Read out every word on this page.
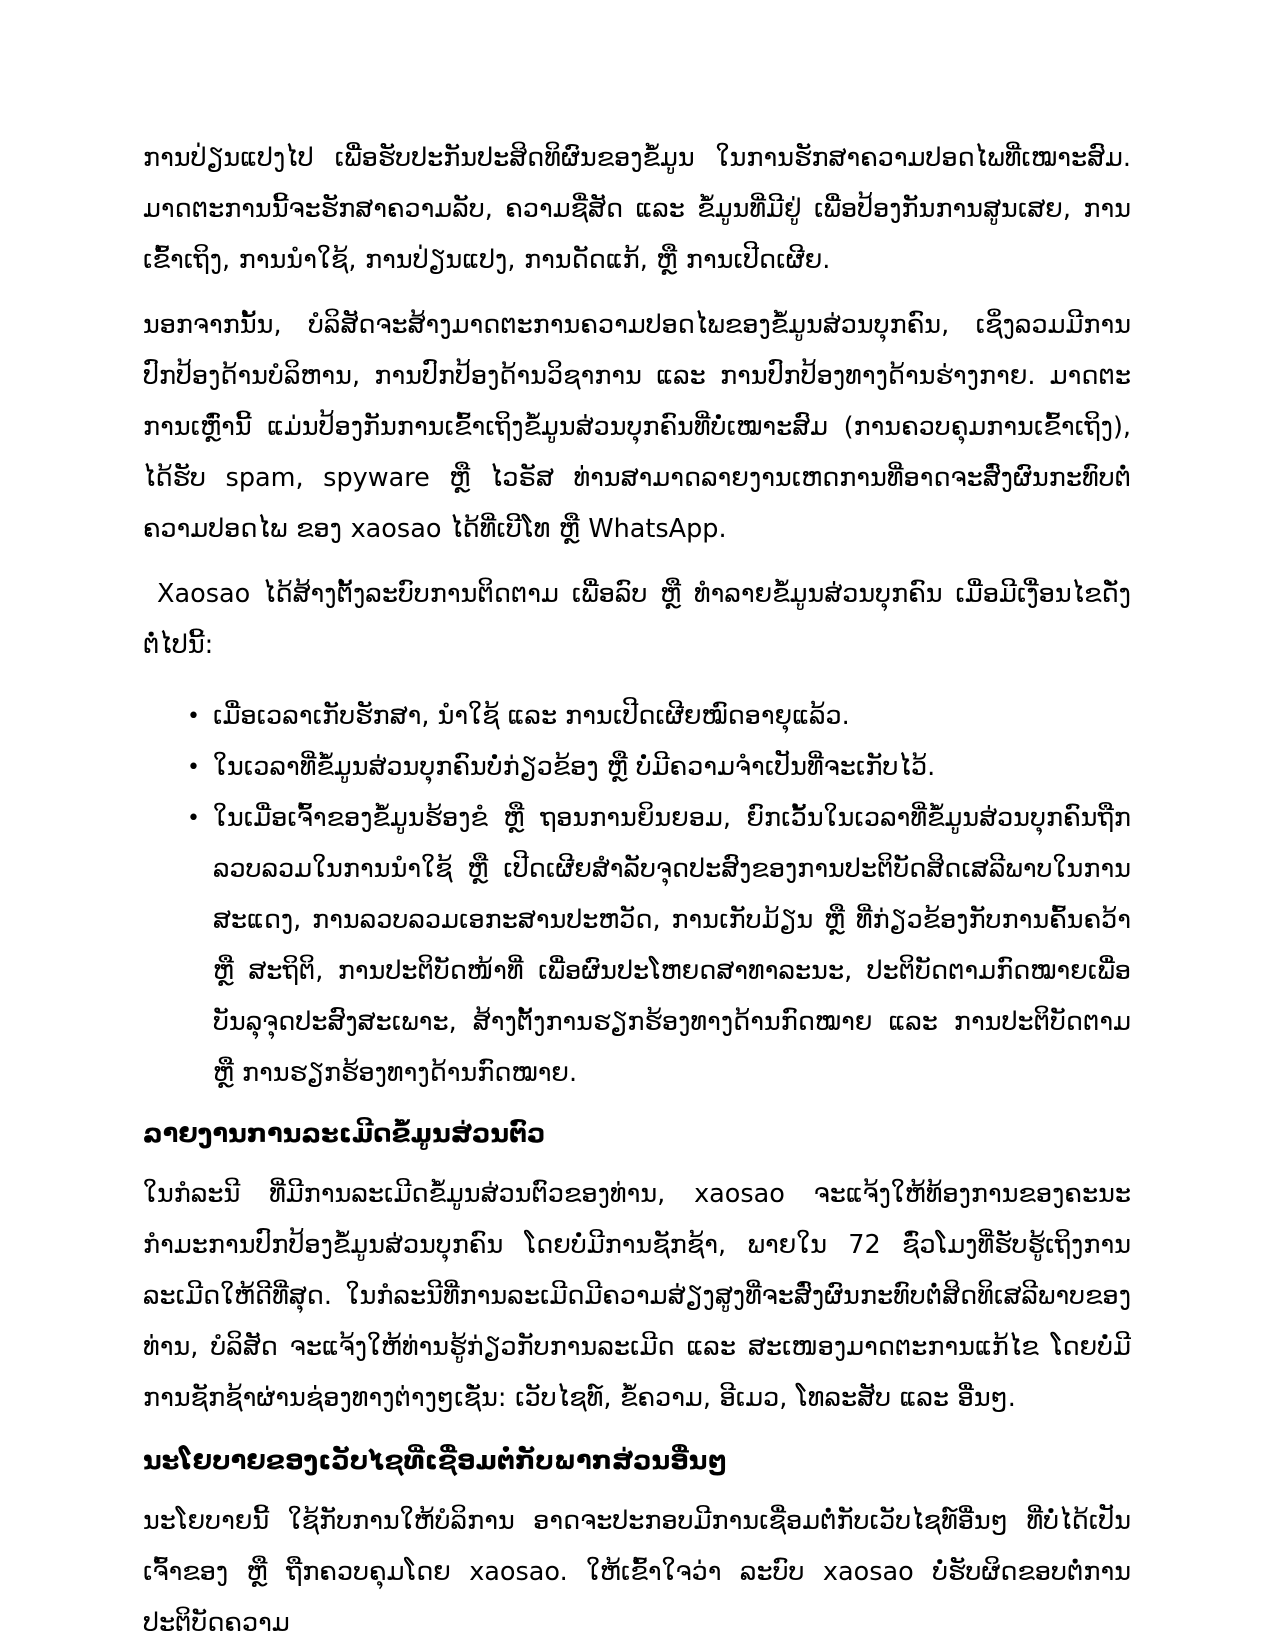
ການປ່ຽນແປງໄປ ເພື່ອຮັບປະກັນປະສິດທິຜົນຂອງຂໍ້ມູນ ໃນການຮັກສາຄວາມປອດໄພທີ່ເໝາະສົມ. ມາດຕະການນີ້ຈະຮັກສາຄວາມລັບ, ຄວາມຊື່ສັດ ແລະ ຂໍ້ມູນທີ່ມີຢູ່ ເພື່ອປ້ອງກັນການສູນເສຍ, ການເຂົ້າເຖິງ, ການນຳໃຊ້, ການປ່ຽນແປງ, ການດັດແກ້, ຫຼື ການເປີດເຜີຍ.

ນອກຈາກນັ້ນ, ບໍລິສັດຈະສ້າງມາດຕະການຄວາມປອດໄພຂອງຂໍ້ມູນສ່ວນບຸກຄົນ, ເຊິ່ງລວມມີການປົກປ້ອງດ້ານບໍລິຫານ, ການປົກປ້ອງດ້ານວິຊາການ ແລະ ການປົກປ້ອງທາງດ້ານຮ່າງກາຍ. ມາດຕະການເຫຼົ່ານີ້ ແມ່ນປ້ອງກັນການເຂົ້າເຖິງຂໍ້ມູນສ່ວນບຸກຄົນທີ່ບໍ່ເໝາະສົມ (ການຄວບຄຸມການເຂົ້າເຖິງ), ໄດ້ຮັບ spam, spyware ຫຼື ໄວຣັສ ທ່ານສາມາດລາຍງານເຫດການທີ່ອາດຈະສົ່ງຜົນກະທົບຕໍ່ຄວາມປອດໄພ ຂອງ xaosao ໄດ້ທີ່ເບີໂທ ຫຼື WhatsApp.

Xaosao ໄດ້ສ້າງຕັ້ງລະບົບການຕິດຕາມ ເພື່ອລົບ ຫຼື ທຳລາຍຂໍ້ມູນສ່ວນບຸກຄົນ ເມື່ອມີເງື່ອນໄຂດັ່ງຕໍ່ໄປນີ້:

• ເມື່ອເວລາເກັບຮັກສາ, ນຳໃຊ້ ແລະ ການເປີດເຜີຍໝົດອາຍຸແລ້ວ.
• ໃນເວລາທີ່ຂໍ້ມູນສ່ວນບຸກຄົນບໍ່ກ່ຽວຂ້ອງ ຫຼື ບໍ່ມີຄວາມຈຳເປັນທີ່ຈະເກັບໄວ້.
• ໃນເມື່ອເຈົ້າຂອງຂໍ້ມູນຮ້ອງຂໍ ຫຼື ຖອນການຍິນຍອມ, ຍົກເວັ້ນໃນເວລາທີ່ຂໍ້ມູນສ່ວນບຸກຄົນຖືກລວບລວມໃນການນຳໃຊ້ ຫຼື ເປີດເຜີຍສຳລັບຈຸດປະສົງຂອງການປະຕິບັດສິດເສລີພາບໃນການສະແດງ, ການລວບລວມເອກະສານປະຫວັດ, ການເກັບມ້ຽນ ຫຼື ທີ່ກ່ຽວຂ້ອງກັບການຄົ້ນຄວ້າ ຫຼື ສະຖິຕິ, ການປະຕິບັດໜ້າທີ່ ເພື່ອຜົນປະໂຫຍດສາທາລະນະ, ປະຕິບັດຕາມກົດໝາຍເພື່ອບັນລຸຈຸດປະສົງສະເພາະ, ສ້າງຕັ້ງການຮຽກຮ້ອງທາງດ້ານກົດໝາຍ ແລະ ການປະຕິບັດຕາມ ຫຼື ການຮຽກຮ້ອງທາງດ້ານກົດໝາຍ.
ລາຍງານການລະເມີດຂໍ້ມູນສ່ວນຕົວ

ໃນກໍລະນີ ທີ່ມີການລະເມີດຂໍ້ມູນສ່ວນຕົວຂອງທ່ານ, xaosao ຈະແຈ້ງໃຫ້ທ້ອງການຂອງຄະນະກຳມະການປົກປ້ອງຂໍ້ມູນສ່ວນບຸກຄົນ ໂດຍບໍ່ມີການຊັກຊ້າ, ພາຍໃນ 72 ຊົ່ວໂມງທີ່ຮັບຮູ້ເຖິງການລະເມີດໃຫ້ດີທີ່ສຸດ. ໃນກໍລະນີທີ່ການລະເມີດມີຄວາມສ່ຽງສູງທີ່ຈະສົ່ງຜົນກະທົບຕໍ່ສິດທິເສລີພາບຂອງທ່ານ, ບໍລິສັດ ຈະແຈ້ງໃຫ້ທ່ານຮູ້ກ່ຽວກັບການລະເມີດ ແລະ ສະເໜອງມາດຕະການແກ້ໄຂ ໂດຍບໍ່ມີການຊັກຊ້າຜ່ານຊ່ອງທາງຕ່າງໆເຊັ່ນ: ເວັບໄຊທ໌, ຂໍ້ຄວາມ, ອີເມວ, ໂທລະສັບ ແລະ ອື່ນໆ.

ນະໂຍບາຍຂອງເວັບໄຊທີ່ເຊື່ອມຕໍ່ກັບພາກສ່ວນອື່ນໆ

ນະໂຍບາຍນີ້ ໃຊ້ກັບການໃຫ້ບໍລິການ ອາດຈະປະກອບມີການເຊື່ອມຕໍ່ກັບເວັບໄຊທ໌ອື່ນໆ ທີ່ບໍ່ໄດ້ເປັນເຈົ້າຂອງ ຫຼື ຖືກຄວບຄຸມໂດຍ xaosao. ໃຫ້ເຂົ້າໃຈວ່າ ລະບົບ xaosao ບໍ່ຮັບຜິດຂອບຕໍ່ການປະຕິບັດຄວາມ
